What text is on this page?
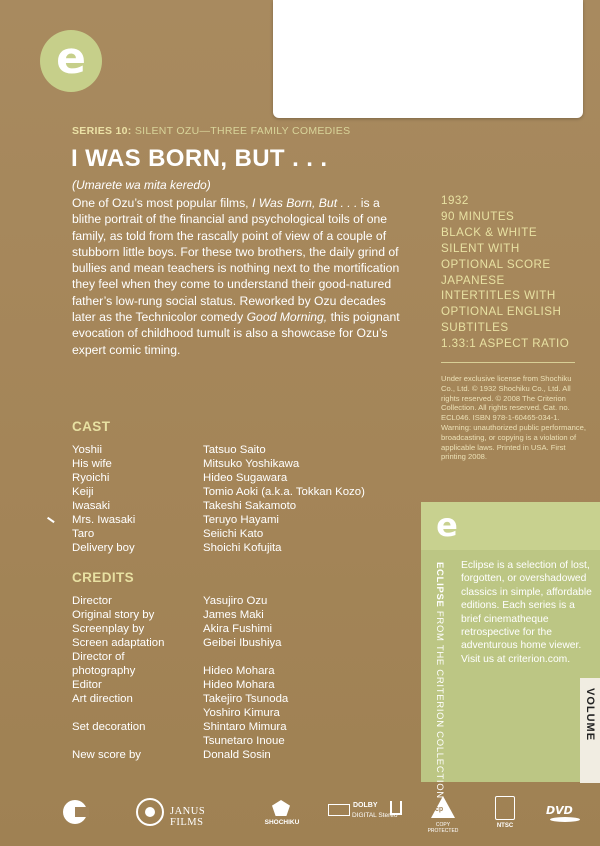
e
SERIES 10: SILENT OZU—THREE FAMILY COMEDIES
I WAS BORN, BUT . . .
(Umarete wa mita keredo)

One of Ozu’s most popular films, I Was Born, But . . . is a blithe portrait of the financial and psychological toils of one family, as told from the rascally point of view of a couple of stubborn little boys. For these two brothers, the daily grind of bullies and mean teachers is nothing next to the mortification they feel when they come to understand their good-natured father’s low-rung social status. Reworked by Ozu decades later as the Technicolor comedy Good Morning, this poignant evocation of childhood tumult is also a showcase for Ozu’s expert comic timing.

1932
90 MINUTES
BLACK & WHITE
SILENT WITH
OPTIONAL SCORE
JAPANESE
INTERTITLES WITH
OPTIONAL ENGLISH
SUBTITLES
1.33:1 ASPECT RATIO

Under exclusive license from Shochiku Co., Ltd. © 1932 Shochiku Co., Ltd. All rights reserved. © 2008 The Criterion Collection. All rights reserved. Cat. no. ECL046. ISBN 978-1-60465-034-1. Warning: unauthorized public performance, broadcasting, or copying is a violation of applicable laws. Printed in USA. First printing 2008.

CAST
Yoshii	Tatsuo Saito
His wife	Mitsuko Yoshikawa
Ryoichi	Hideo Sugawara
Keiji	Tomio Aoki (a.k.a. Tokkan Kozo)
Iwasaki	Takeshi Sakamoto
Mrs. Iwasaki	Teruyo Hayami
Taro	Seiichi Kato
Delivery boy	Shoichi Kofujita
CREDITS
Director	Yasujiro Ozu
Original story by	James Maki
Screenplay by	Akira Fushimi
Screen adaptation	Geibei Ibushiya
Director of
photography	Hideo Mohara
Editor	Hideo Mohara
Art direction	Takejiro Tsunoda
Yoshiro Kimura
Set decoration	Shintaro Mimura
Tsunetaro Inoue
New score by	Donald Sosin
e
ECLIPSE FROM THE CRITERION COLLECTION

Eclipse is a selection of lost, forgotten, or overshadowed classics in simple, affordable editions. Each series is a brief cinematheque retrospective for the adventurous home viewer. Visit us at criterion.com.

VOLUME
JANUS FILMS	SHOCHIKU
DOLBY
DIGITAL Stereo
cp
COPY PROTECTED
NTSC
DVD
